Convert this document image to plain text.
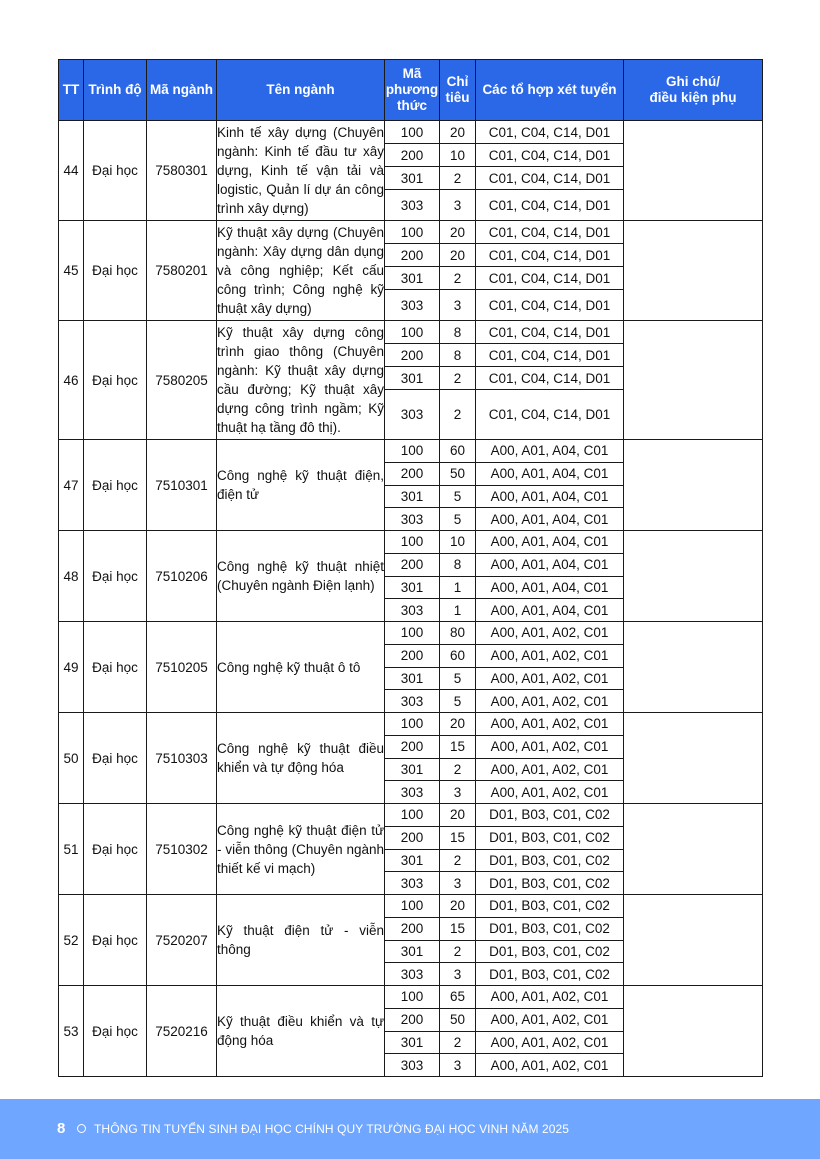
TT	Trình độ	Mã ngành	Tên ngành	Mã
phương
thức	Chỉ
tiêu	Các tổ hợp xét tuyển	Ghi chú/
điều kiện phụ
44	Đại học	7580301	Kinh tế xây dựng (Chuyên ngành: Kinh tế đầu tư xây dựng, Kinh tế vận tải và logistic, Quản lí dự án công trình xây dựng)	100	20	C01, C04, C14, D01	
				200	10	C01, C04, C14, D01	
				301	2	C01, C04, C14, D01	
				303	3	C01, C04, C14, D01	
45	Đại học	7580201	Kỹ thuật xây dựng (Chuyên ngành: Xây dựng dân dụng và công nghiệp; Kết cấu công trình; Công nghệ kỹ thuật xây dựng)	100	20	C01, C04, C14, D01	
				200	20	C01, C04, C14, D01	
				301	2	C01, C04, C14, D01	
				303	3	C01, C04, C14, D01	
46	Đại học	7580205	Kỹ thuật xây dựng công trình giao thông (Chuyên ngành: Kỹ thuật xây dựng cầu đường; Kỹ thuật xây dựng công trình ngầm; Kỹ thuật hạ tầng đô thị).	100	8	C01, C04, C14, D01	
				200	8	C01, C04, C14, D01	
				301	2	C01, C04, C14, D01	
				303	2	C01, C04, C14, D01	
47	Đại học	7510301	Công nghệ kỹ thuật điện, điện tử	100	60	A00, A01, A04, C01	
				200	50	A00, A01, A04, C01	
				301	5	A00, A01, A04, C01	
				303	5	A00, A01, A04, C01	
48	Đại học	7510206	Công nghệ kỹ thuật nhiệt (Chuyên ngành Điện lạnh)	100	10	A00, A01, A04, C01	
				200	8	A00, A01, A04, C01	
				301	1	A00, A01, A04, C01	
				303	1	A00, A01, A04, C01	
49	Đại học	7510205	Công nghệ kỹ thuật ô tô	100	80	A00, A01, A02, C01	
				200	60	A00, A01, A02, C01	
				301	5	A00, A01, A02, C01	
				303	5	A00, A01, A02, C01	
50	Đại học	7510303	Công nghệ kỹ thuật điều khiển và tự động hóa	100	20	A00, A01, A02, C01	
				200	15	A00, A01, A02, C01	
				301	2	A00, A01, A02, C01	
				303	3	A00, A01, A02, C01	
51	Đại học	7510302	Công nghệ kỹ thuật điện tử - viễn thông (Chuyên ngành thiết kế vi mạch)	100	20	D01, B03, C01, C02	
				200	15	D01, B03, C01, C02	
				301	2	D01, B03, C01, C02	
				303	3	D01, B03, C01, C02	
52	Đại học	7520207	Kỹ thuật điện tử - viễn thông	100	20	D01, B03, C01, C02	
				200	15	D01, B03, C01, C02	
				301	2	D01, B03, C01, C02	
				303	3	D01, B03, C01, C02	
53	Đại học	7520216	Kỹ thuật điều khiển và tự động hóa	100	65	A00, A01, A02, C01	
				200	50	A00, A01, A02, C01	
				301	2	A00, A01, A02, C01	
				303	3	A00, A01, A02, C01	
8 THÔNG TIN TUYỂN SINH ĐẠI HỌC CHÍNH QUY TRƯỜNG ĐẠI HỌC VINH NĂM 2025
